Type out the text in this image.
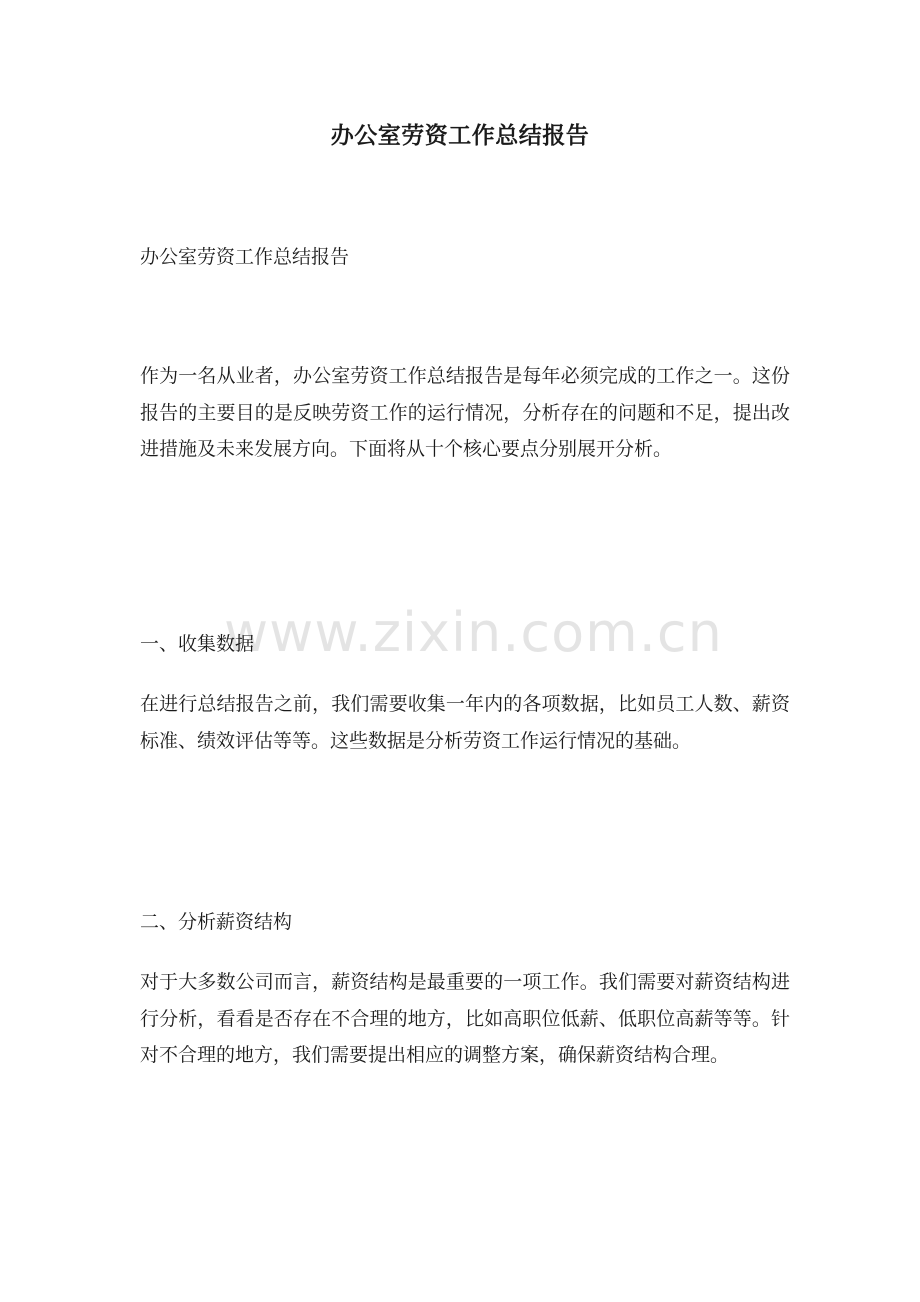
办公室劳资工作总结报告
办公室劳资工作总结报告

作为一名从业者，办公室劳资工作总结报告是每年必须完成的工作之一。这份报告的主要目的是反映劳资工作的运行情况，分析存在的问题和不足，提出改进措施及未来发展方向。下面将从十个核心要点分别展开分析。

一、收集数据

在进行总结报告之前，我们需要收集一年内的各项数据，比如员工人数、薪资标准、绩效评估等等。这些数据是分析劳资工作运行情况的基础。

二、分析薪资结构

对于大多数公司而言，薪资结构是最重要的一项工作。我们需要对薪资结构进行分析，看看是否存在不合理的地方，比如高职位低薪、低职位高薪等等。针对不合理的地方，我们需要提出相应的调整方案，确保薪资结构合理。

www.zixin.com.cn
